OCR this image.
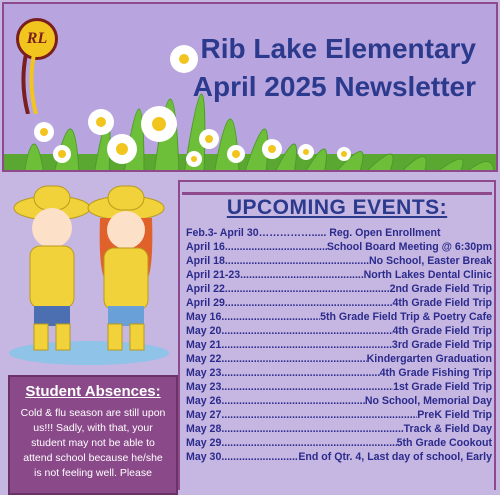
RL	Rib Lake Elementary
April 2025 Newsletter
Student Absences:

Cold & flu season are still upon us!!! Sadly, with that, your student may not be able to attend school because he/she is not feeling well. Please

UPCOMING EVENTS:
Feb.3- April 30……………..... Reg. Open Enrollment
April 16 .....	School Board Meeting @ 6:30pm
April 18 .....	No School, Easter Break
April 21-23 .....	North Lakes Dental Clinic
April 22 .....	2nd Grade Field Trip
April 29 .....	4th Grade Field Trip
May 16 .....	5th Grade Field Trip & Poetry Cafe
May 20 .....	4th Grade Field Trip
May 21 .....	3rd Grade Field Trip
May 22 .....	Kindergarten Graduation
May 23 .....	4th Grade Fishing Trip
May 23 .....	1st Grade Field Trip
May 26 .....	No School, Memorial Day
May 27 .....	PreK Field Trip
May 28 .....	Track & Field Day
May 29 .....	5th Grade Cookout
May 30 .....	End of Qtr. 4, Last day of school, Early
